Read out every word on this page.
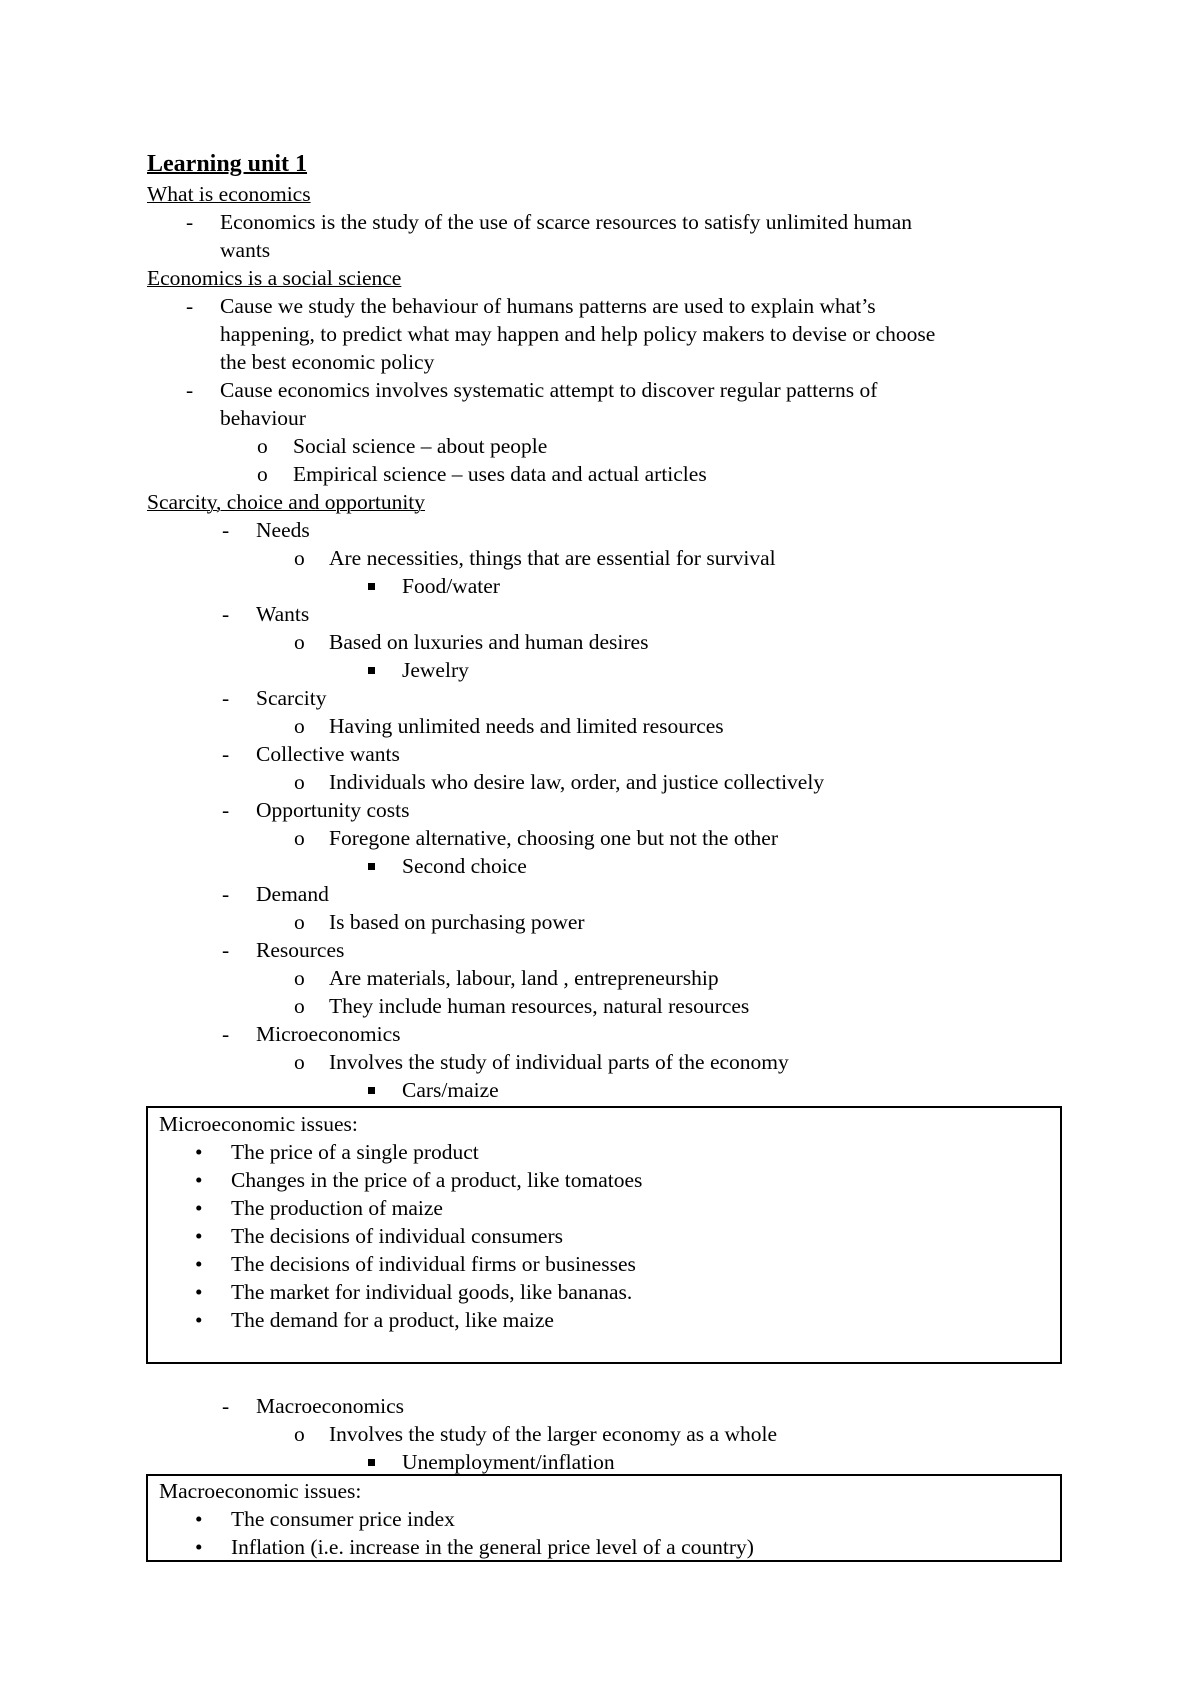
Learning unit 1
What is economics
- Economics is the study of the use of scarce resources to satisfy unlimited human
wants
Economics is a social science
- Cause we study the behaviour of humans patterns are used to explain what’s
happening, to predict what may happen and help policy makers to devise or choose
the best economic policy
- Cause economics involves systematic attempt to discover regular patterns of
behaviour
o Social science – about people
o Empirical science – uses data and actual articles
Scarcity, choice and opportunity
- Needs
o Are necessities, things that are essential for survival
Food/water
- Wants
o Based on luxuries and human desires
Jewelry
- Scarcity
o Having unlimited needs and limited resources
- Collective wants
o Individuals who desire law, order, and justice collectively
- Opportunity costs
o Foregone alternative, choosing one but not the other
Second choice
- Demand
o Is based on purchasing power
- Resources
o Are materials, labour, land , entrepreneurship
o They include human resources, natural resources
- Microeconomics
o Involves the study of individual parts of the economy
Cars/maize
Microeconomic issues:
• The price of a single product
• Changes in the price of a product, like tomatoes
• The production of maize
• The decisions of individual consumers
• The decisions of individual firms or businesses
• The market for individual goods, like bananas.
• The demand for a product, like maize
- Macroeconomics
o Involves the study of the larger economy as a whole
Unemployment/inflation
Macroeconomic issues:
• The consumer price index
• Inflation (i.e. increase in the general price level of a country)
